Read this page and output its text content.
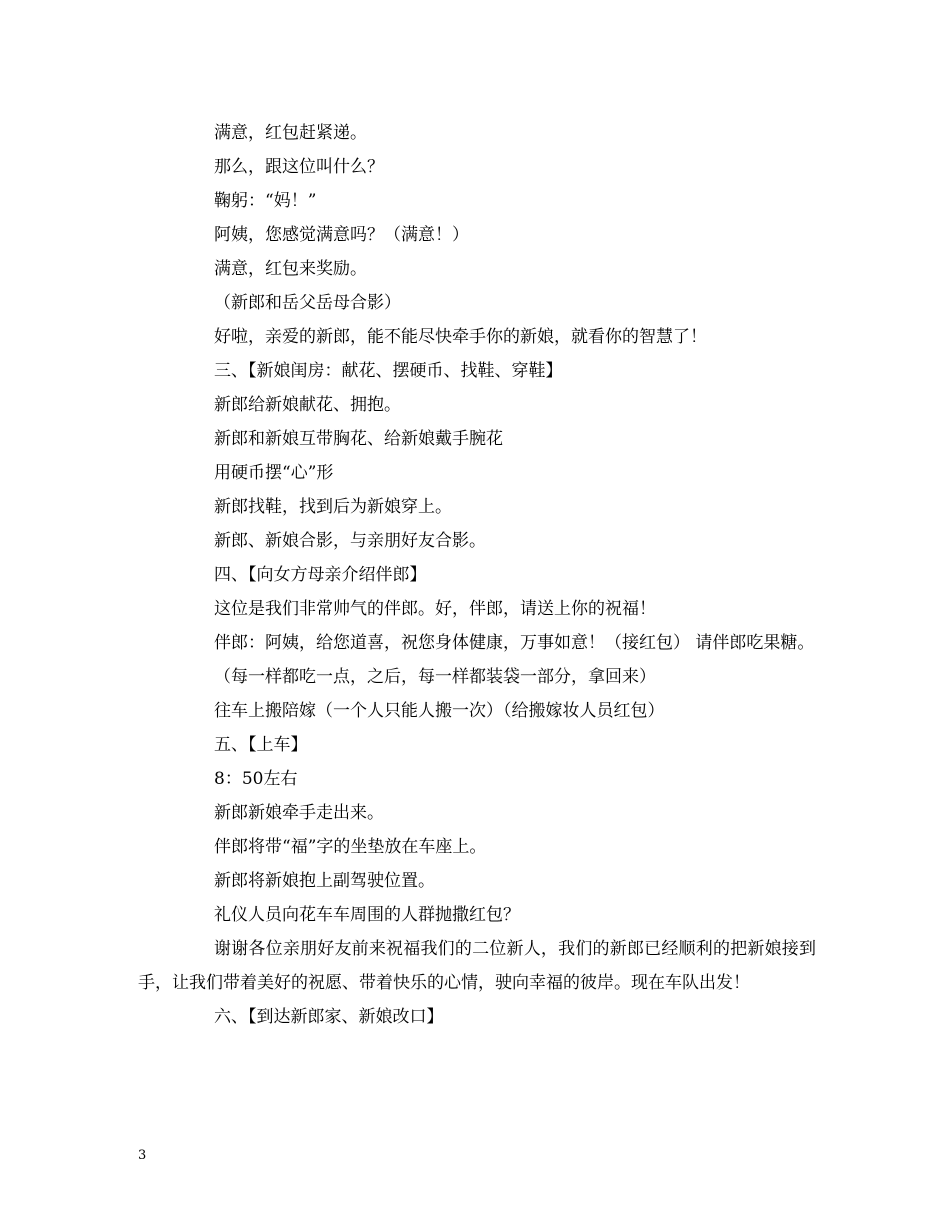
满意，红包赶紧递。

那么，跟这位叫什么？

鞠躬：“妈！”

阿姨，您感觉满意吗？（满意！）

满意，红包来奖励。

（新郎和岳父岳母合影）

好啦，亲爱的新郎，能不能尽快牵手你的新娘，就看你的智慧了！

三、【新娘闺房：献花、摆硬币、找鞋、穿鞋】

新郎给新娘献花、拥抱。

新郎和新娘互带胸花、给新娘戴手腕花

用硬币摆“心”形

新郎找鞋，找到后为新娘穿上。

新郎、新娘合影，与亲朋好友合影。

四、【向女方母亲介绍伴郎】

这位是我们非常帅气的伴郎。好，伴郎，请送上你的祝福！

伴郎：阿姨，给您道喜，祝您身体健康，万事如意！（接红包） 请伴郎吃果糖。

（每一样都吃一点，之后，每一样都装袋一部分，拿回来）

往车上搬陪嫁（一个人只能人搬一次）（给搬嫁妆人员红包）

五、【上车】

8：50左右

新郎新娘牵手走出来。

伴郎将带“福”字的坐垫放在车座上。

新郎将新娘抱上副驾驶位置。

礼仪人员向花车车周围的人群抛撒红包？

谢谢各位亲朋好友前来祝福我们的二位新人，我们的新郎已经顺利的把新娘接到手，让我们带着美好的祝愿、带着快乐的心情，驶向幸福的彼岸。现在车队出发！

六、【到达新郎家、新娘改口】

3
